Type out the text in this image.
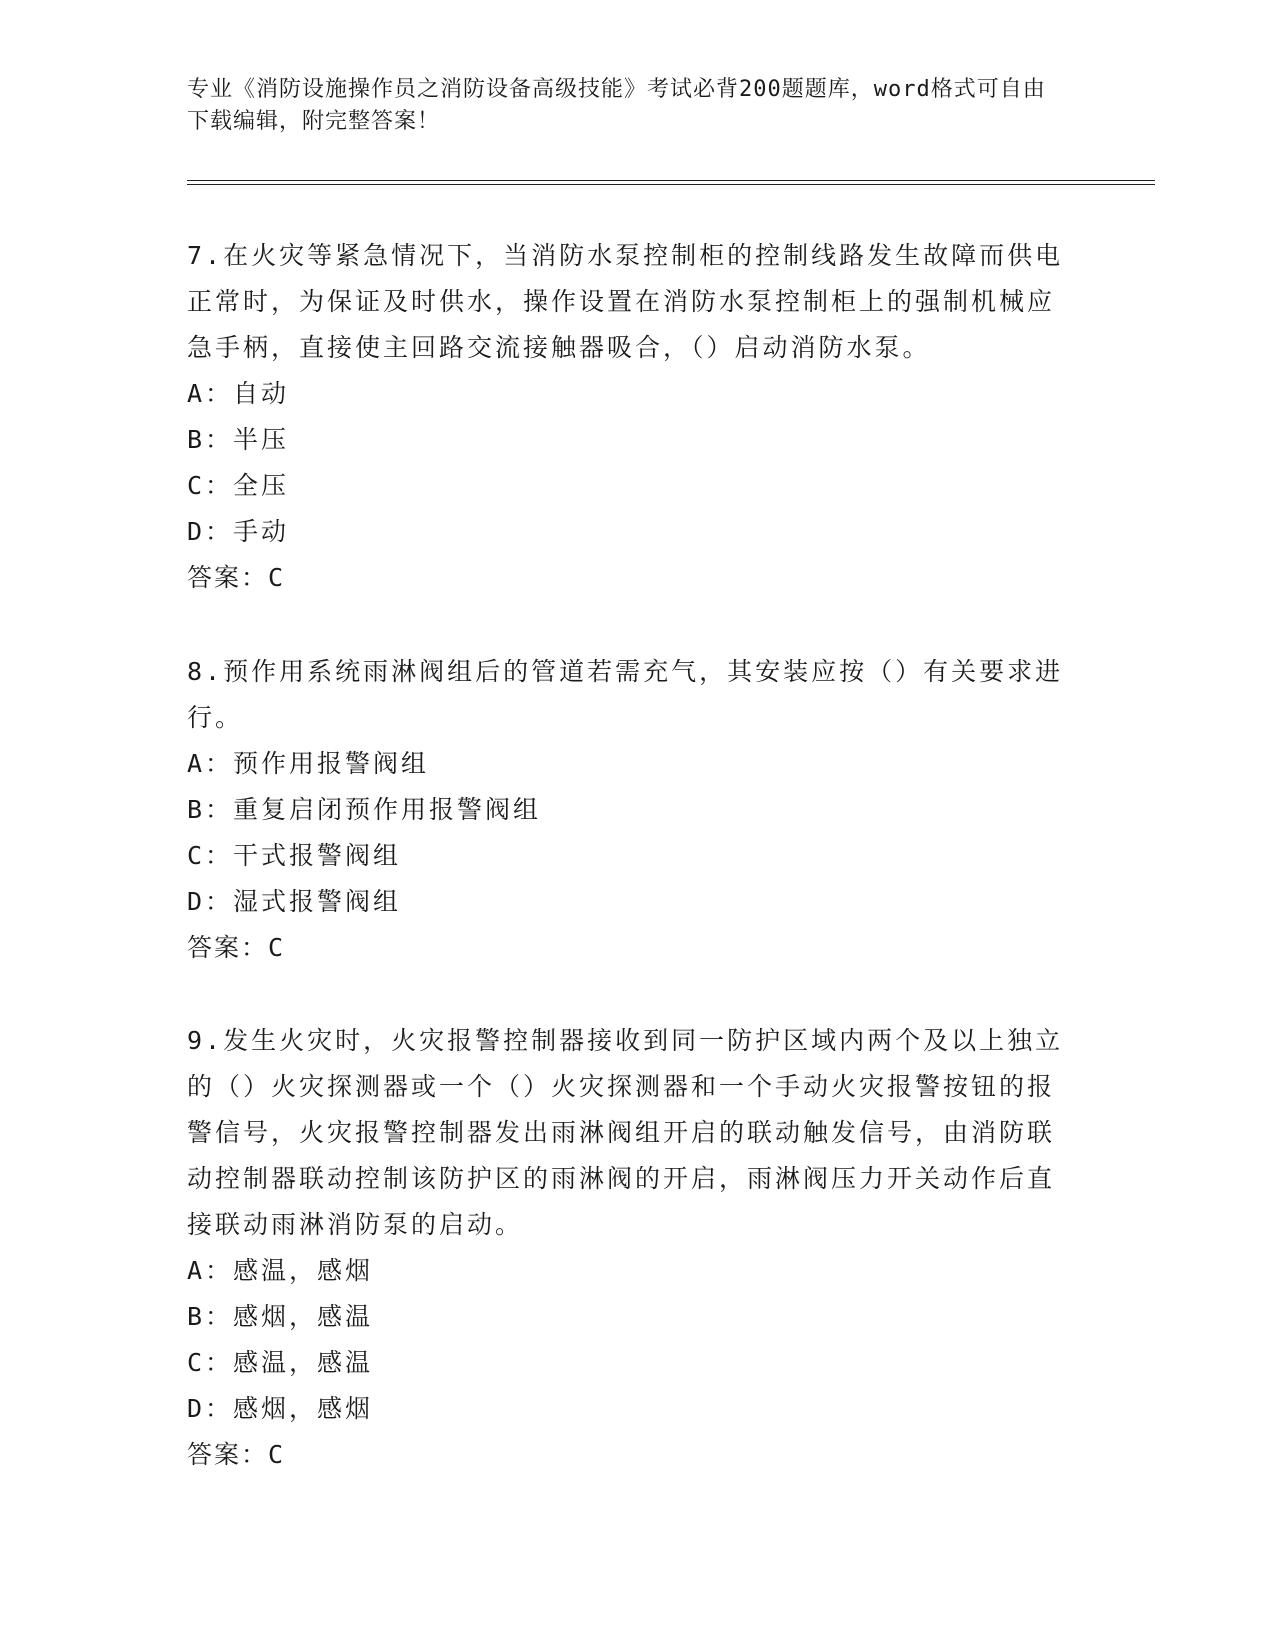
专业《消防设施操作员之消防设备高级技能》考试必背200题题库，word格式可自由下载编辑，附完整答案！

7.在火灾等紧急情况下，当消防水泵控制柜的控制线路发生故障而供电正常时，为保证及时供水，操作设置在消防水泵控制柜上的强制机械应急手柄，直接使主回路交流接触器吸合，（）启动消防水泵。

A：自动

B：半压

C：全压

D：手动

答案：C

8.预作用系统雨淋阀组后的管道若需充气，其安装应按（）有关要求进行。

A：预作用报警阀组

B：重复启闭预作用报警阀组

C：干式报警阀组

D：湿式报警阀组

答案：C

9.发生火灾时，火灾报警控制器接收到同一防护区域内两个及以上独立的（）火灾探测器或一个（）火灾探测器和一个手动火灾报警按钮的报警信号，火灾报警控制器发出雨淋阀组开启的联动触发信号，由消防联动控制器联动控制该防护区的雨淋阀的开启，雨淋阀压力开关动作后直接联动雨淋消防泵的启动。

A：感温，感烟

B：感烟，感温

C：感温，感温

D：感烟，感烟

答案：C
